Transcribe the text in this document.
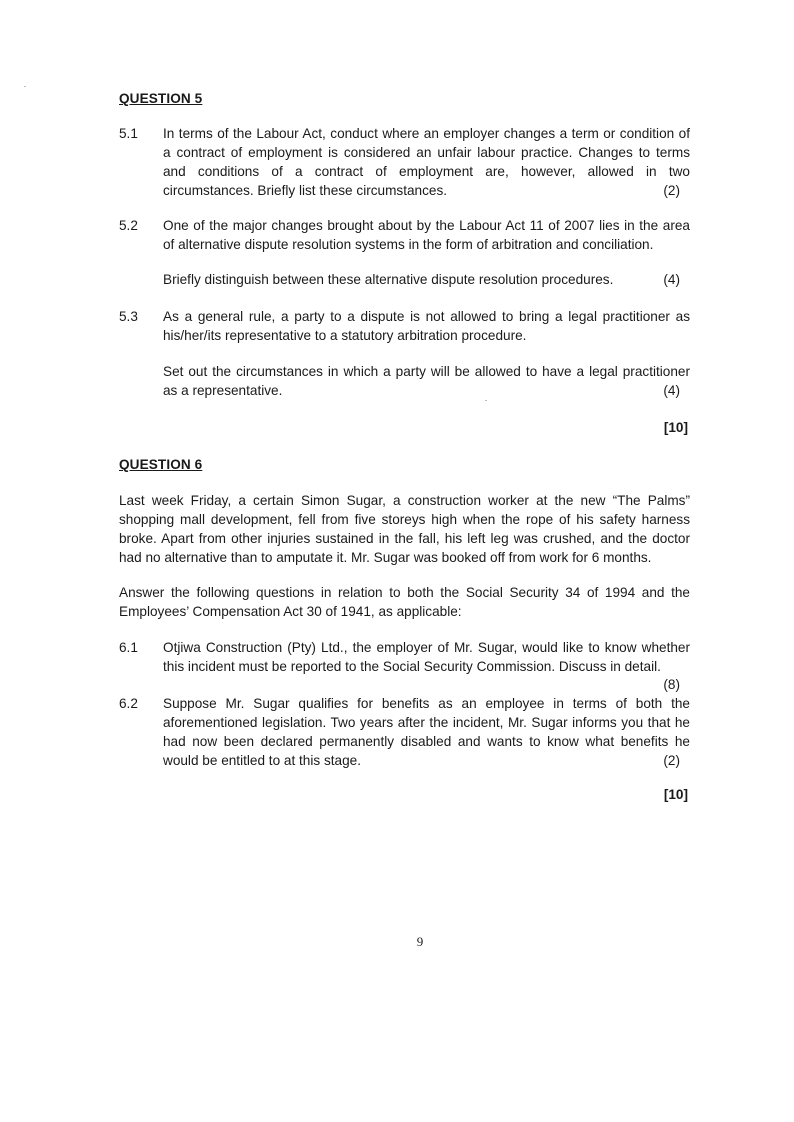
QUESTION 5
5.1 In terms of the Labour Act, conduct where an employer changes a term or condition of a contract of employment is considered an unfair labour practice. Changes to terms and conditions of a contract of employment are, however, allowed in two circumstances. Briefly list these circumstances.	(2)
5.2 One of the major changes brought about by the Labour Act 11 of 2007 lies in the area of alternative dispute resolution systems in the form of arbitration and conciliation.
Briefly distinguish between these alternative dispute resolution procedures.	(4)
5.3 As a general rule, a party to a dispute is not allowed to bring a legal practitioner as his/her/its representative to a statutory arbitration procedure.
Set out the circumstances in which a party will be allowed to have a legal practitioner as a representative.	(4)
[10]
QUESTION 6
Last week Friday, a certain Simon Sugar, a construction worker at the new “The Palms” shopping mall development, fell from five storeys high when the rope of his safety harness broke. Apart from other injuries sustained in the fall, his left leg was crushed, and the doctor had no alternative than to amputate it. Mr. Sugar was booked off from work for 6 months.
Answer the following questions in relation to both the Social Security 34 of 1994 and the Employees’ Compensation Act 30 of 1941, as applicable:
6.1 Otjiwa Construction (Pty) Ltd., the employer of Mr. Sugar, would like to know whether this incident must be reported to the Social Security Commission. Discuss in detail.
(8)
6.2 Suppose Mr. Sugar qualifies for benefits as an employee in terms of both the aforementioned legislation. Two years after the incident, Mr. Sugar informs you that he had now been declared permanently disabled and wants to know what benefits he would be entitled to at this stage.	(2)
[10]
9
